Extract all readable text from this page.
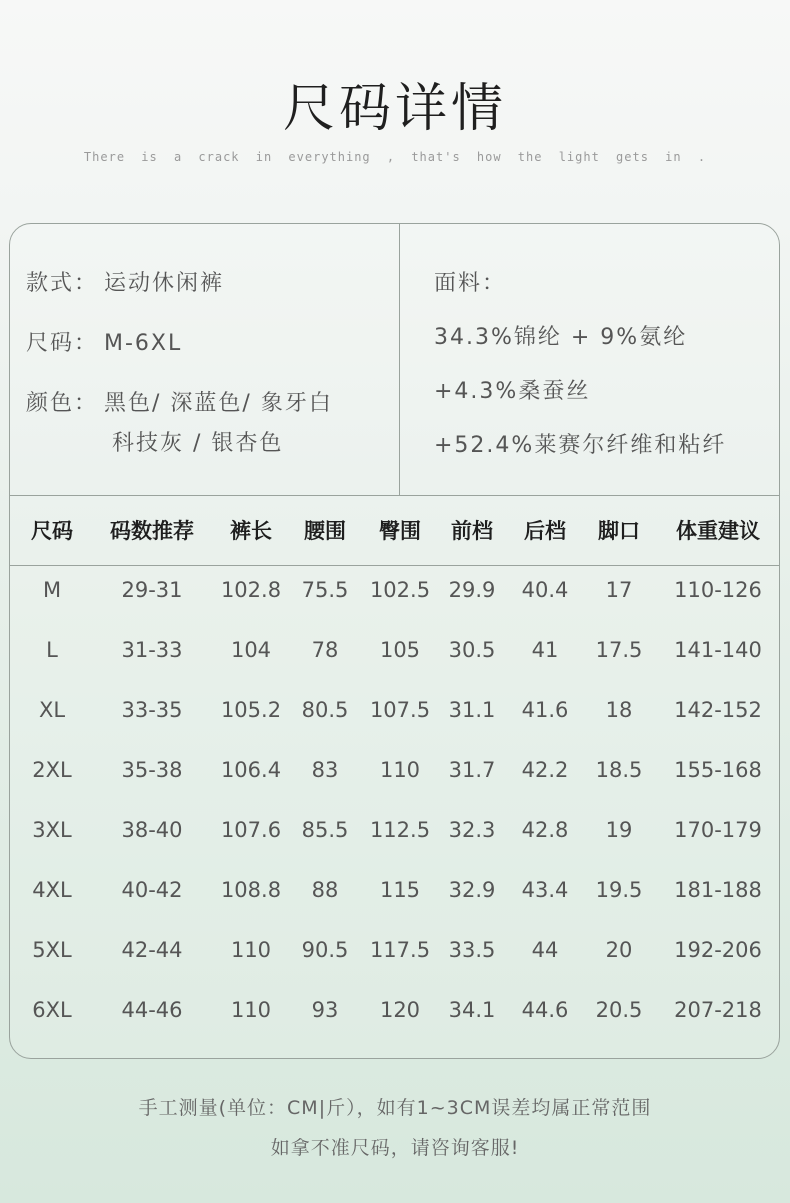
尺码详情
There is a crack in everything , that's how the light gets in .
款式： 运动休闲裤
尺码： M-6XL
颜色： 黑色/ 深蓝色/ 象牙白
科技灰 / 银杏色
面料：
34.3%锦纶 + 9%氨纶
+4.3%桑蚕丝
+52.4%莱赛尔纤维和粘纤
尺码 码数推荐 裤长 腰围 臀围 前档 后档 脚口 体重建议
M	29-31 102.8 75.5 102.5 29.9 40.4 17 110-126
L	31-33 104 78 105 30.5 41 17.5 141-140
XL	33-35 105.2 80.5 107.5 31.1 41.6 18 142-152
2XL 35-38 106.4 83 110 31.7 42.2 18.5 155-168
3XL 38-40 107.6 85.5 112.5 32.3 42.8 19 170-179
4XL 40-42 108.8 88 115 32.9 43.4 19.5 181-188
5XL 42-44 110 90.5 117.5 33.5 44 20 192-206
6XL 44-46 110 93 120 34.1 44.6 20.5 207-218
手工测量(单位：CM|斤），如有1~3CM误差均属正常范围
如拿不准尺码，请咨询客服!
